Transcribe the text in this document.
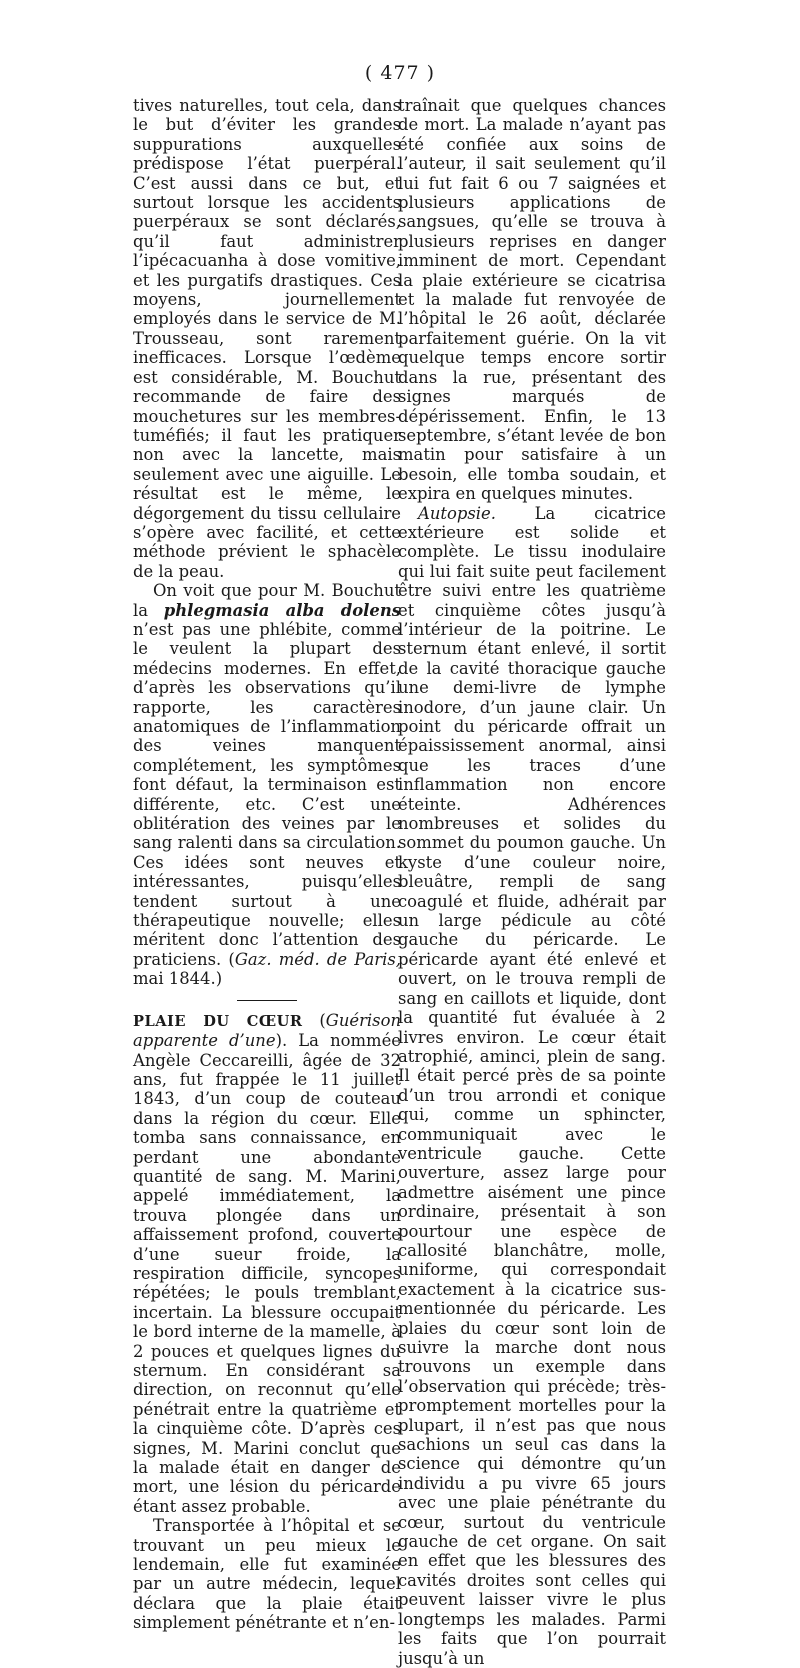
( 477 )

tives naturelles, tout cela, dans le but d’éviter les grandes suppurations auxquelles prédispose l’état puerpéral. C’est aussi dans ce but, et surtout lorsque les accidents puerpéraux se sont déclarés, qu’il faut administrer l’ipécacuanha à dose vomitive, et les purgatifs drastiques. Ces moyens, journellement employés dans le service de M. Trousseau, sont rarement inefficaces. Lorsque l’œdème est considérable, M. Bouchut recommande de faire des mouchetures sur les membres-tuméfiés; il faut les pratiquer non avec la lancette, mais seulement avec une aiguille. Le résultat est le même, le dégorgement du tissu cellulaire s’opère avec facilité, et cette méthode prévient le sphacèle de la peau.

On voit que pour M. Bouchut la phlegmasia alba dolens n’est pas une phlébite, comme le veulent la plupart des médecins modernes. En effet, d’après les observations qu’il rapporte, les caractères anatomiques de l’inflammation des veines manquent complétement, les symptômes font défaut, la terminaison est différente, etc. C’est une oblitération des veines par le sang ralenti dans sa circulation. Ces idées sont neuves et intéressantes, puisqu’elles tendent surtout à une thérapeutique nouvelle; elles méritent donc l’attention des praticiens. (Gaz. méd. de Paris, mai 1844.)

PLAIE DU CŒUR (Guérison apparente d’une). La nommée Angèle Ceccareilli, âgée de 32 ans, fut frappée le 11 juillet 1843, d’un coup de couteau dans la région du cœur. Elle tomba sans connaissance, en perdant une abondante quantité de sang. M. Marini, appelé immédiatement, la trouva plongée dans un affaissement profond, couverte d’une sueur froide, la respiration difficile, syncopes répétées; le pouls tremblant, incertain. La blessure occupait le bord interne de la mamelle, à 2 pouces et quelques lignes du sternum. En considérant sa direction, on reconnut qu’elle pénétrait entre la quatrième et la cinquième côte. D’après ces signes, M. Marini conclut que la malade était en danger de mort, une lésion du péricarde étant assez probable.

Transportée à l’hôpital et se trouvant un peu mieux le lendemain, elle fut examinée par un autre médecin, lequel déclara que la plaie était simplement pénétrante et n’en-

traînait que quelques chances de mort. La malade n’ayant pas été confiée aux soins de l’auteur, il sait seulement qu’il lui fut fait 6 ou 7 saignées et plusieurs applications de sangsues, qu’elle se trouva à plusieurs reprises en danger imminent de mort. Cependant la plaie extérieure se cicatrisa et la malade fut renvoyée de l’hôpital le 26 août, déclarée parfaitement guérie. On la vit quelque temps encore sortir dans la rue, présentant des signes marqués de dépérissement. Enfin, le 13 septembre, s’étant levée de bon matin pour satisfaire à un besoin, elle tomba soudain, et expira en quelques minutes.

Autopsie. La cicatrice extérieure est solide et complète. Le tissu inodulaire qui lui fait suite peut facilement être suivi entre les quatrième et cinquième côtes jusqu’à l’intérieur de la poitrine. Le sternum étant enlevé, il sortit de la cavité thoracique gauche une demi-livre de lymphe inodore, d’un jaune clair. Un point du péricarde offrait un épaississement anormal, ainsi que les traces d’une inflammation non encore éteinte. Adhérences nombreuses et solides du sommet du poumon gauche. Un kyste d’une couleur noire, bleuâtre, rempli de sang coagulé et fluide, adhérait par un large pédicule au côté gauche du péricarde. Le péricarde ayant été enlevé et ouvert, on le trouva rempli de sang en caillots et liquide, dont la quantité fut évaluée à 2 livres environ. Le cœur était atrophié, aminci, plein de sang. Il était percé près de sa pointe d’un trou arrondi et conique qui, comme un sphincter, communiquait avec le ventricule gauche. Cette ouverture, assez large pour admettre aisément une pince ordinaire, présentait à son pourtour une espèce de callosité blanchâtre, molle, uniforme, qui correspondait exactement à la cicatrice sus-mentionnée du péricarde. Les plaies du cœur sont loin de suivre la marche dont nous trouvons un exemple dans l’observation qui précède; très-promptement mortelles pour la plupart, il n’est pas que nous sachions un seul cas dans la science qui démontre qu’un individu a pu vivre 65 jours avec une plaie pénétrante du cœur, surtout du ventricule gauche de cet organe. On sait en effet que les blessures des cavités droites sont celles qui peuvent laisser vivre le plus longtemps les malades. Parmi les faits que l’on pourrait jusqu’à un
